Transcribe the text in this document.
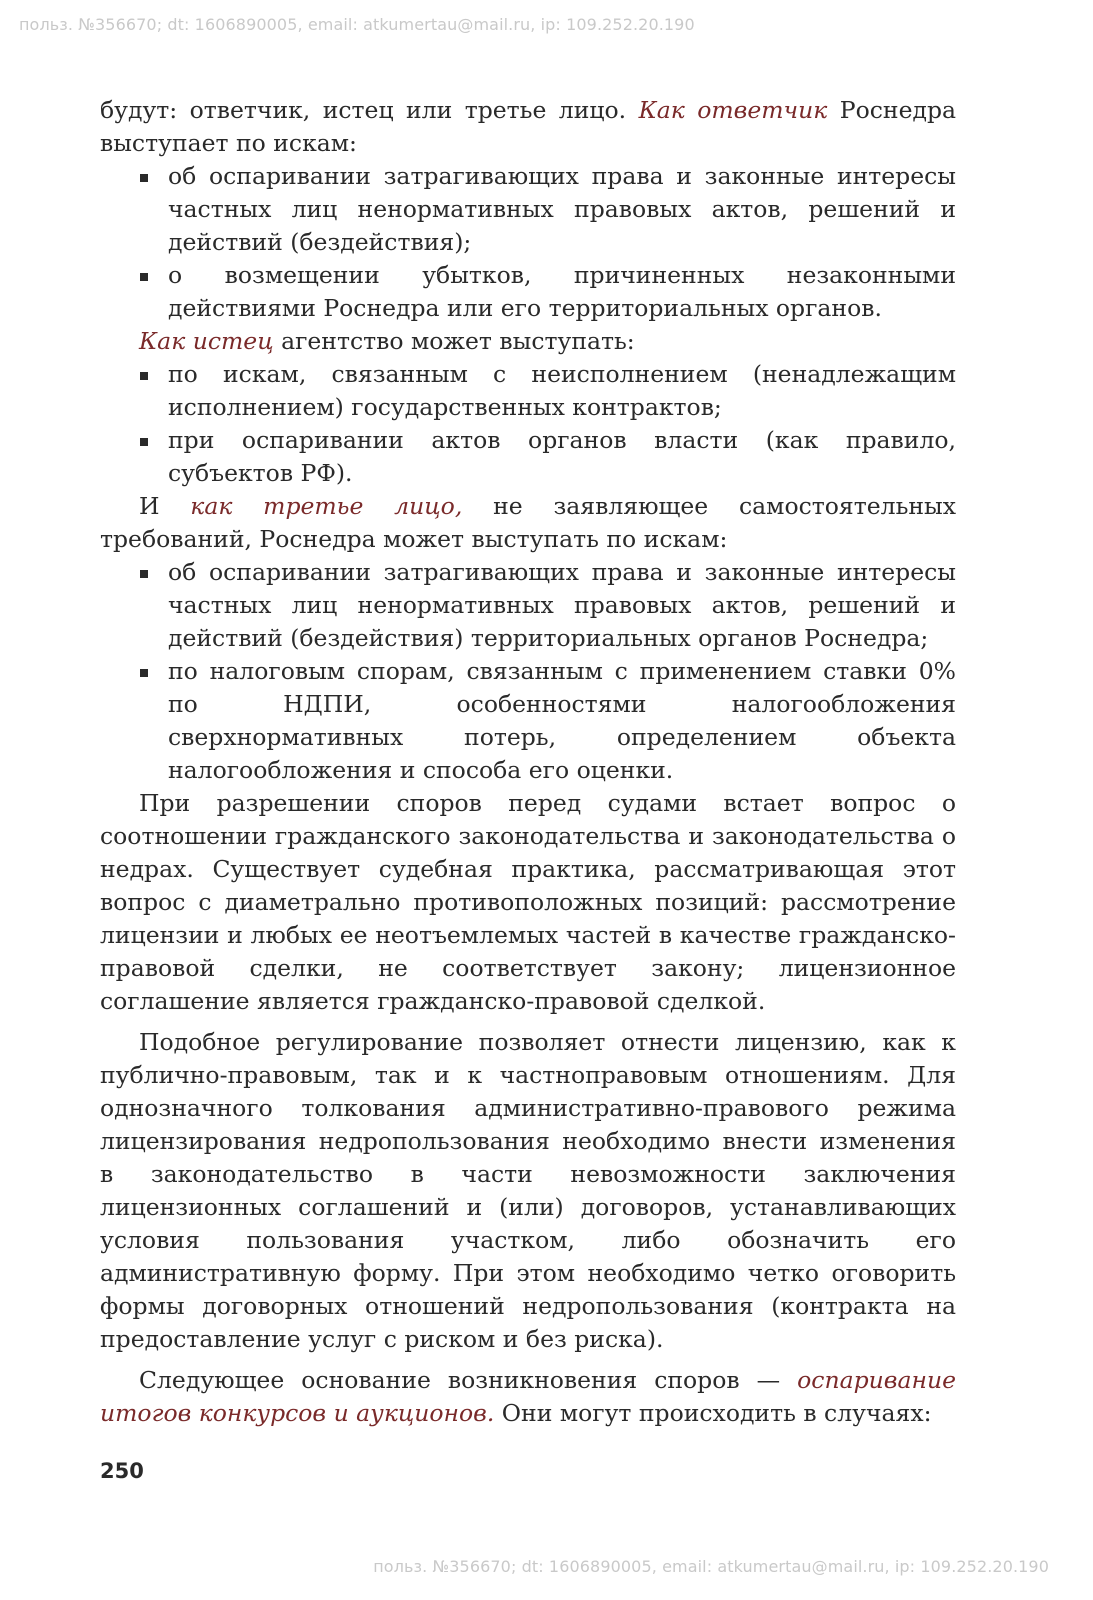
польз. №356670; dt: 1606890005, email: atkumertau@mail.ru, ip: 109.252.20.190

будут: ответчик, истец или третье лицо. Как ответчик Роснедра выступает по искам:

об оспаривании затрагивающих права и законные интересы частных лиц ненормативных правовых актов, решений и действий (бездействия);
о возмещении убытков, причиненных незаконными действиями Роснедра или его территориальных органов.

Как истец агентство может выступать:

по искам, связанным с неисполнением (ненадлежащим исполнением) государственных контрактов;
при оспаривании актов органов власти (как правило, субъектов РФ).

И как третье лицо, не заявляющее самостоятельных требований, Роснедра может выступать по искам:

об оспаривании затрагивающих права и законные интересы частных лиц ненормативных правовых актов, решений и действий (бездействия) территориальных органов Роснедра;
по налоговым спорам, связанным с применением ставки 0% по НДПИ, особенностями налогообложения сверхнормативных потерь, определением объекта налогообложения и способа его оценки.

При разрешении споров перед судами встает вопрос о соотношении гражданского законодательства и законодательства о недрах. Существует судебная практика, рассматривающая этот вопрос с диаметрально противоположных позиций: рассмотрение лицензии и любых ее неотъемлемых частей в качестве гражданско-правовой сделки, не соответствует закону; лицензионное соглашение является гражданско-правовой сделкой.

Подобное регулирование позволяет отнести лицензию, как к публично-правовым, так и к частноправовым отношениям. Для однозначного толкования административно-правового режима лицензирования недропользования необходимо внести изменения в законодательство в части невозможности заключения лицензионных соглашений и (или) договоров, устанавливающих условия пользования участком, либо обозначить его административную форму. При этом необходимо четко оговорить формы договорных отношений недропользования (контракта на предоставление услуг с риском и без риска).

Следующее основание возникновения споров — оспаривание итогов конкурсов и аукционов. Они могут происходить в случаях:

250
польз. №356670; dt: 1606890005, email: atkumertau@mail.ru, ip: 109.252.20.190
